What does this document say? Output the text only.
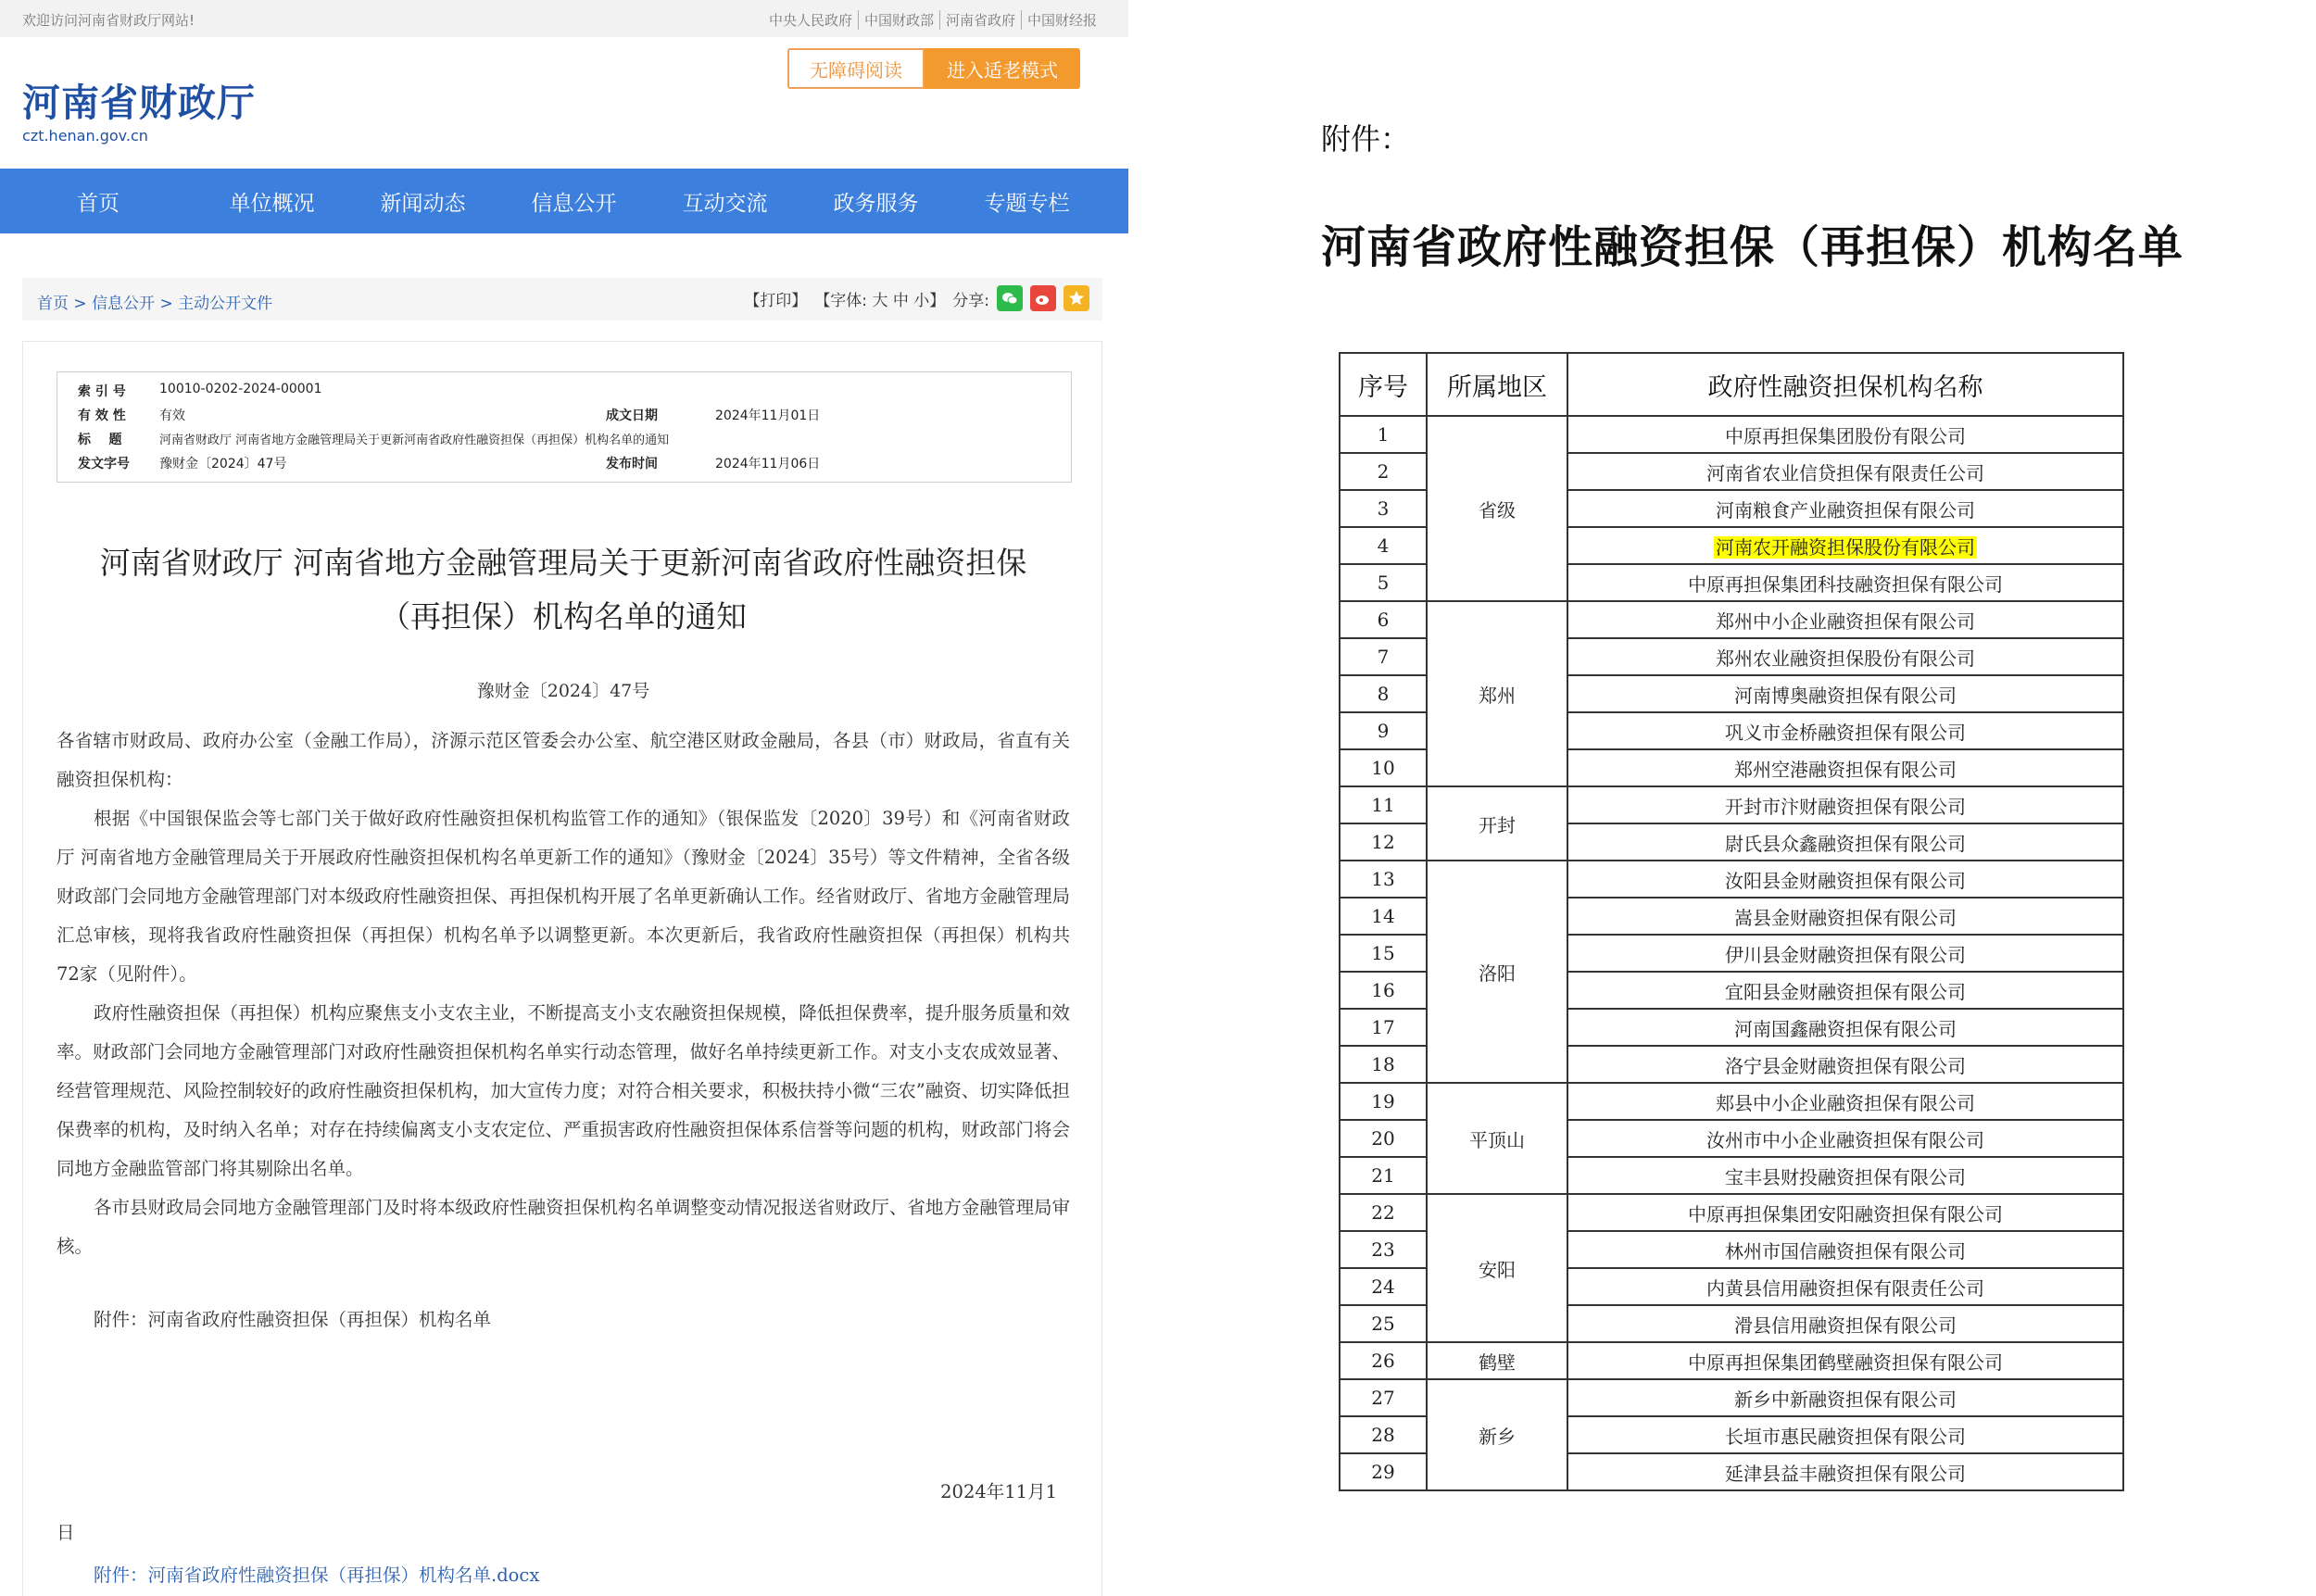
欢迎访问河南省财政厅网站!	中央人民政府 中国财政部 河南省政府 中国财经报
河南省财政厅
czt.henan.gov.cn
无障碍阅读	进入适老模式
首页	单位概况	新闻动态	信息公开	互动交流	政务服务	专题专栏
首页 > 信息公开 > 主动公开文件	【打印】 【字体: 大 中 小】 分享:
索 引 号	10010-0202-2024-00001
有 效 性	有效	成文日期	2024年11月01日
标    题	河南省财政厅 河南省地方金融管理局关于更新河南省政府性融资担保（再担保）机构名单的通知
发文字号 豫财金〔2024〕47号	发布时间	2024年11月06日
河南省财政厅 河南省地方金融管理局关于更新河南省政府性融资担保
（再担保）机构名单的通知
豫财金〔2024〕47号

各省辖市财政局、政府办公室（金融工作局），济源示范区管委会办公室、航空港区财政金融局，各县（市）财政局，省直有关融资担保机构：

根据《中国银保监会等七部门关于做好政府性融资担保机构监管工作的通知》（银保监发〔2020〕39号）和《河南省财政厅 河南省地方金融管理局关于开展政府性融资担保机构名单更新工作的通知》（豫财金〔2024〕35号）等文件精神，全省各级财政部门会同地方金融管理部门对本级政府性融资担保、再担保机构开展了名单更新确认工作。经省财政厅、省地方金融管理局汇总审核，现将我省政府性融资担保（再担保）机构名单予以调整更新。本次更新后，我省政府性融资担保（再担保）机构共72家（见附件）。

政府性融资担保（再担保）机构应聚焦支小支农主业，不断提高支小支农融资担保规模，降低担保费率，提升服务质量和效率。财政部门会同地方金融管理部门对政府性融资担保机构名单实行动态管理，做好名单持续更新工作。对支小支农成效显著、经营管理规范、风险控制较好的政府性融资担保机构，加大宣传力度；对符合相关要求，积极扶持小微“三农”融资、切实降低担保费率的机构，及时纳入名单；对存在持续偏离支小支农定位、严重损害政府性融资担保体系信誉等问题的机构，财政部门将会同地方金融监管部门将其剔除出名单。

各市县财政局会同地方金融管理部门及时将本级政府性融资担保机构名单调整变动情况报送省财政厅、省地方金融管理局审核。

附件：河南省政府性融资担保（再担保）机构名单
2024年11月1
日
附件：河南省政府性融资担保（再担保）机构名单.docx
附件：
河南省政府性融资担保（再担保）机构名单
序号	所属地区	政府性融资担保机构名称
1	省级	中原再担保集团股份有限公司
2		河南省农业信贷担保有限责任公司
3		河南粮食产业融资担保有限公司
4		河南农开融资担保股份有限公司
5		中原再担保集团科技融资担保有限公司
6	郑州	郑州中小企业融资担保有限公司
7		郑州农业融资担保股份有限公司
8		河南博奥融资担保有限公司
9		巩义市金桥融资担保有限公司
10		郑州空港融资担保有限公司
11	开封	开封市汴财融资担保有限公司
12		尉氏县众鑫融资担保有限公司
13	洛阳	汝阳县金财融资担保有限公司
14		嵩县金财融资担保有限公司
15		伊川县金财融资担保有限公司
16		宜阳县金财融资担保有限公司
17		河南国鑫融资担保有限公司
18		洛宁县金财融资担保有限公司
19	平顶山	郏县中小企业融资担保有限公司
20		汝州市中小企业融资担保有限公司
21		宝丰县财投融资担保有限公司
22	安阳	中原再担保集团安阳融资担保有限公司
23		林州市国信融资担保有限公司
24		内黄县信用融资担保有限责任公司
25		滑县信用融资担保有限公司
26	鹤壁	中原再担保集团鹤壁融资担保有限公司
27	新乡	新乡中新融资担保有限公司
28		长垣市惠民融资担保有限公司
29		延津县益丰融资担保有限公司
